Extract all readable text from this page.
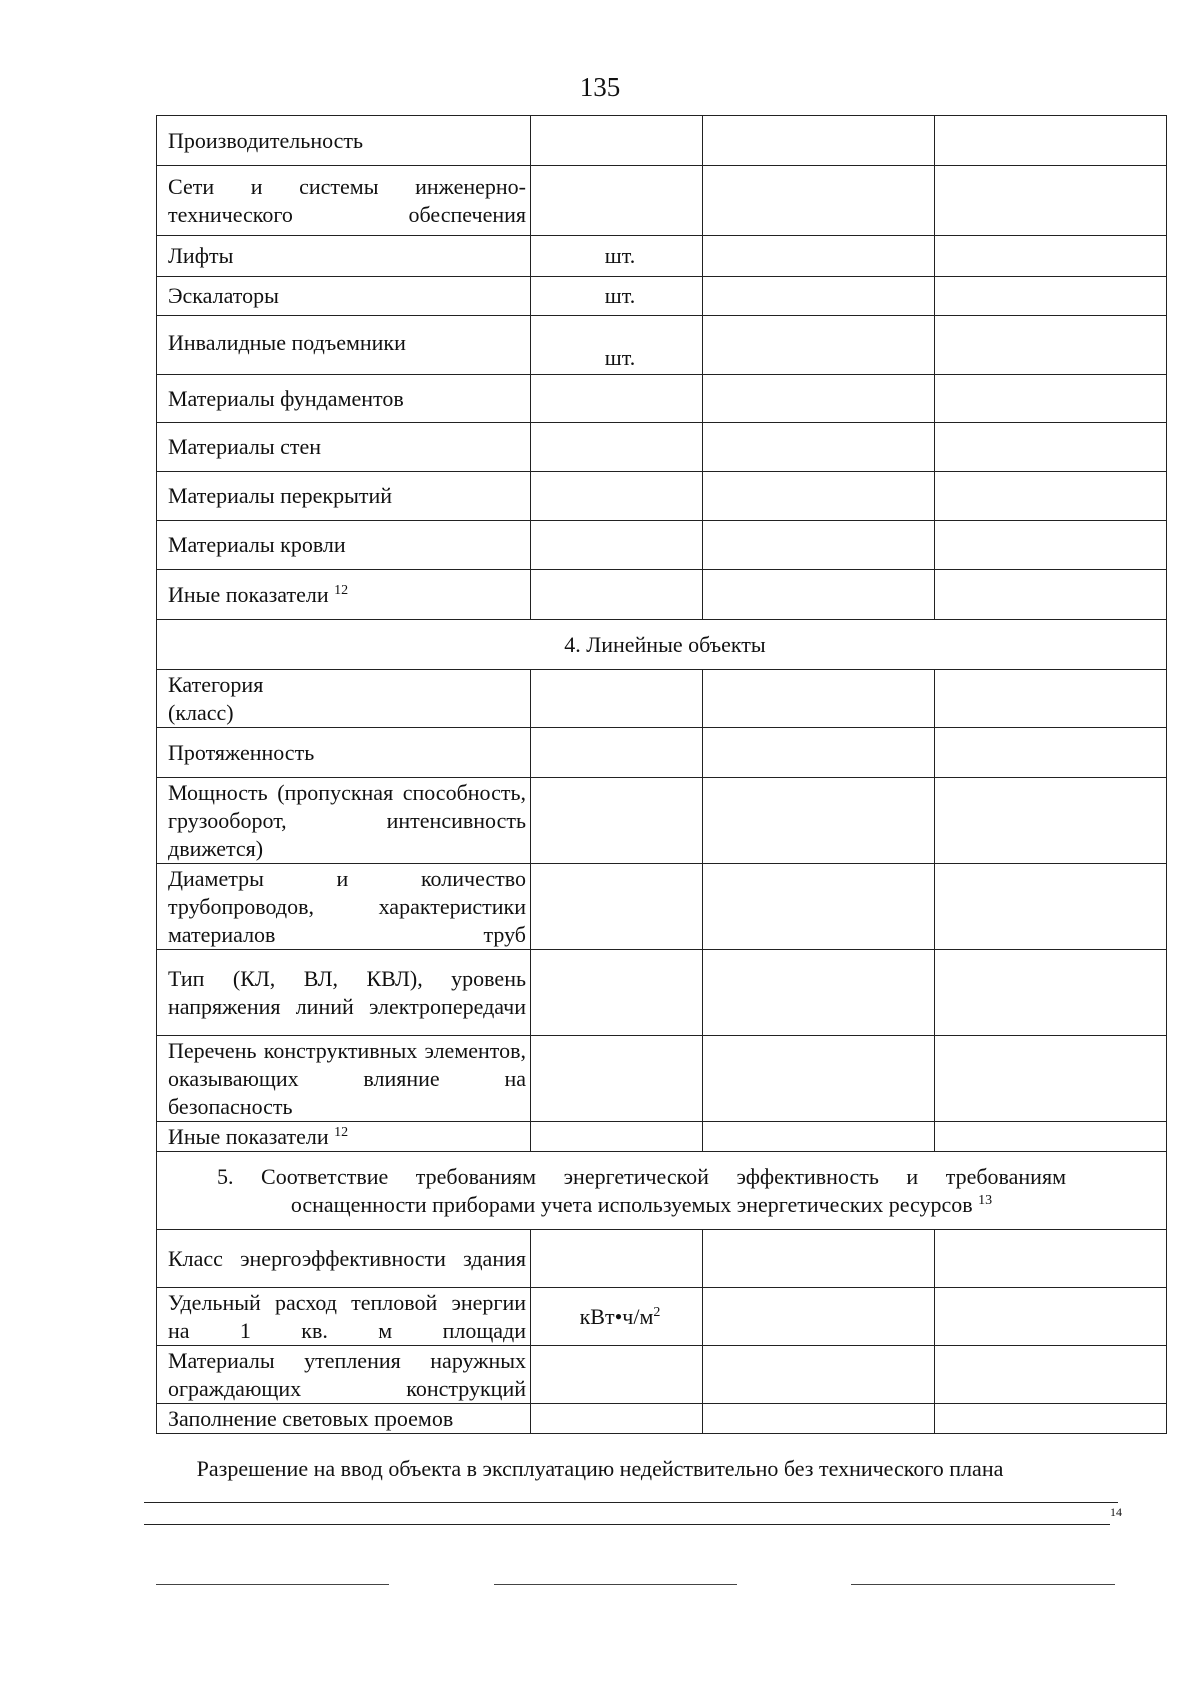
135
Производительность			
Сети и системы инженерно-технического обеспечения			
Лифты	шт.		
Эскалаторы	шт.		
Инвалидные подъемники	шт.		
Материалы фундаментов			
Материалы стен			
Материалы перекрытий			
Материалы кровли			
Иные показатели $^{12}$			
4. Линейные объекты			

Категория
(класс)			

Протяженность			
Мощность (пропускная способность, грузооборот, интенсивность движется)			
Диаметры и количество трубопроводов, характеристики материалов труб			
Тип (КЛ, ВЛ, КВЛ), уровень напряжения линий электропередачи			
Перечень конструктивных элементов, оказывающих влияние на безопасность			
Иные показатели $^{12}$			
5. Соответствие требованиям энергетической эффективность и требованиям оснащенности приборами учета используемых энергетических ресурсов $^{13}$
Класс энергоэффективности здания			
Удельный расход тепловой энергии на 1 кв. м площади	$кВт•ч/м^2$		
Материалы утепления наружных ограждающих конструкций			
Заполнение световых проемов			
Разрешение на ввод объекта в эксплуатацию недействительно без технического плана
14
